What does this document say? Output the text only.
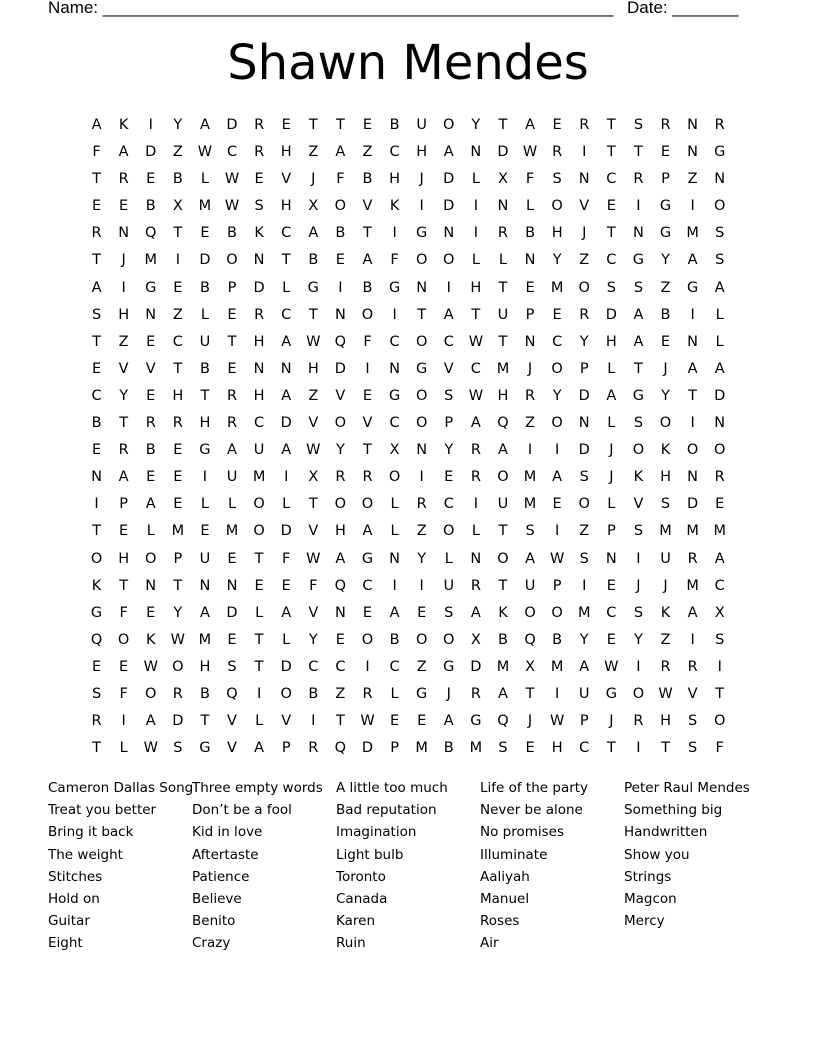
Name: ______________________________________________________ Date: _______
Shawn Mendes
A	K	I	Y	A	D	R	E	T	T	E	B	U	O	Y	T	A	E	R	T	S	R	N	R
F	A	D	Z	W	C	R	H	Z	A	Z	C	H	A	N	D W	R	I	T	T	E	N	G
T	R	E	B	L	W	E	V	J	F	B	H	J	D	L	X	F	S	N	C	R	P	Z	N
E	E	B	X	M W	S	H	X	O	V	K	I	D	I	N	L	O	V	E	I	G	I	O
R	N	Q	T	E	B	K	C	A	B	T	I	G	N	I	R	B	H	J	T	N	G	M	S
T	J	M	I	D	O	N	T	B	E	A	F	O	O	L	L	N	Y	Z	C	G	Y	A	S
A	I	G	E	B	P	D	L	G	I	B	G	N	I	H	T	E	M	O	S	S	Z	G	A
S	H	N	Z	L	E	R	C	T	N	O	I	T	A	T	U	P	E	R	D	A	B	I	L
T	Z	E	C	U	T	H	A	W Q	F	C	O	C	W	T	N	C	Y	H	A	E	N	L
E	V	V	T	B	E	N	N	H	D	I	N	G	V	C	M	J	O	P	L	T	J	A	A
C	Y	E	H	T	R	H	A	Z	V	E	G	O	S	W H	R	Y	D	A	G	Y	T	D
B	T	R	R	H	R	C	D	V	O	V	C	O	P	A	Q	Z	O	N	L	S	O	I	N
E	R	B	E	G	A	U	A	W	Y	T	X	N	Y	R	A	I	I	D	J	O	K	O	O
N	A	E	E	I	U	M	I	X	R	R	O	I	E	R	O	M	A	S	J	K	H	N	R
I	P	A	E	L	L	O	L	T	O	O	L	R	C	I	U	M	E	O	L	V	S	D	E
T	E	L	M	E	M	O	D	V	H	A	L	Z	O	L	T	S	I	Z	P	S	M	M	M
O	H	O	P	U	E	T	F	W	A	G	N	Y	L	N	O	A	W	S	N	I	U	R	A
K	T	N	T	N	N	E	E	F	Q	C	I	I	U	R	T	U	P	I	E	J	J	M	C
G	F	E	Y	A	D	L	A	V	N	E	A	E	S	A	K	O	O	M	C	S	K	A	X
Q	O	K	W M	E	T	L	Y	E	O	B	O	O	X	B	Q	B	Y	E	Y	Z	I	S
E	E	W O	H	S	T	D	C	C	I	C	Z	G	D	M	X	M	A	W	I	R	R	I
S	F	O	R	B	Q	I	O	B	Z	R	L	G	J	R	A	T	I	U	G	O W	V	T
R	I	A	D	T	V	L	V	I	T	W	E	E	A	G	Q	J	W	P	J	R	H	S	O
T	L	W	S	G	V	A	P	R	Q	D	P	M	B	M	S	E	H	C	T	I	T	S	F
Cameron Dallas Song
Treat you better
Bring it back
The weight
Stitches
Hold on
Guitar
Eight
Three empty words
Don’t be a fool
Kid in love
Aftertaste
Patience
Believe
Benito
Crazy
A little too much
Bad reputation
Imagination
Light bulb
Toronto
Canada
Karen
Ruin
Life of the party
Never be alone
No promises
Illuminate
Aaliyah
Manuel
Roses
Air
Peter Raul Mendes
Something big
Handwritten
Show you
Strings
Magcon
Mercy
